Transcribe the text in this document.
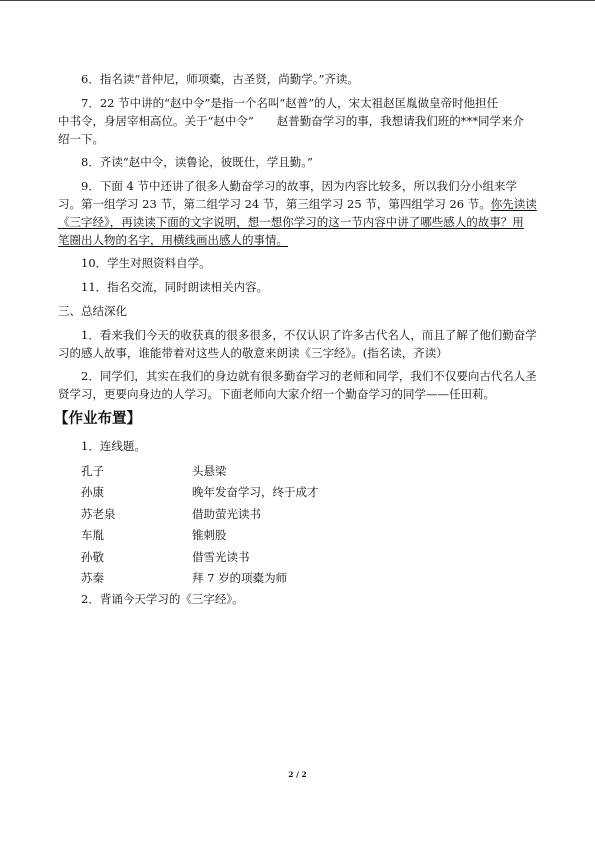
6．指名读“昔仲尼，师项橐，古圣贤，尚勤学。”齐读。

7．22 节中讲的“赵中令”是指一个名叫“赵普”的人，宋太祖赵匡胤做皇帝时他担任

中书令，身居宰相高位。关于“赵中令”　　赵普勤奋学习的事，我想请我们班的***同学来介

绍一下。

8．齐读“赵中令，读鲁论，彼既仕，学且勤。”

9．下面 4 节中还讲了很多人勤奋学习的故事，因为内容比较多，所以我们分小组来学

习。第一组学习 23 节，第二组学习 24 节，第三组学习 25 节，第四组学习 26 节。你先读读

《三字经》，再读读下面的文字说明，想一想你学习的这一节内容中讲了哪些感人的故事？用

笔圈出人物的名字，用横线画出感人的事情。

10．学生对照资料自学。

11．指名交流，同时朗读相关内容。

三、总结深化

1．看来我们今天的收获真的很多很多，不仅认识了许多古代名人，而且了解了他们勤奋学习的感人故事，谁能带着对这些人的敬意来朗读《三字经》。(指名读，齐读）

2．同学们，其实在我们的身边就有很多勤奋学习的老师和同学，我们不仅要向古代名人圣贤学习，更要向身边的人学习。下面老师向大家介绍一个勤奋学习的同学——任田莉。

【作业布置】

1．连线题。

孔子	头悬梁
孙康	晚年发奋学习，终于成才
苏老泉	借助萤光读书
车胤	锥刺股
孙敬	借雪光读书
苏秦	拜 7 岁的项橐为师

2．背诵今天学习的《三字经》。

2 / 2
